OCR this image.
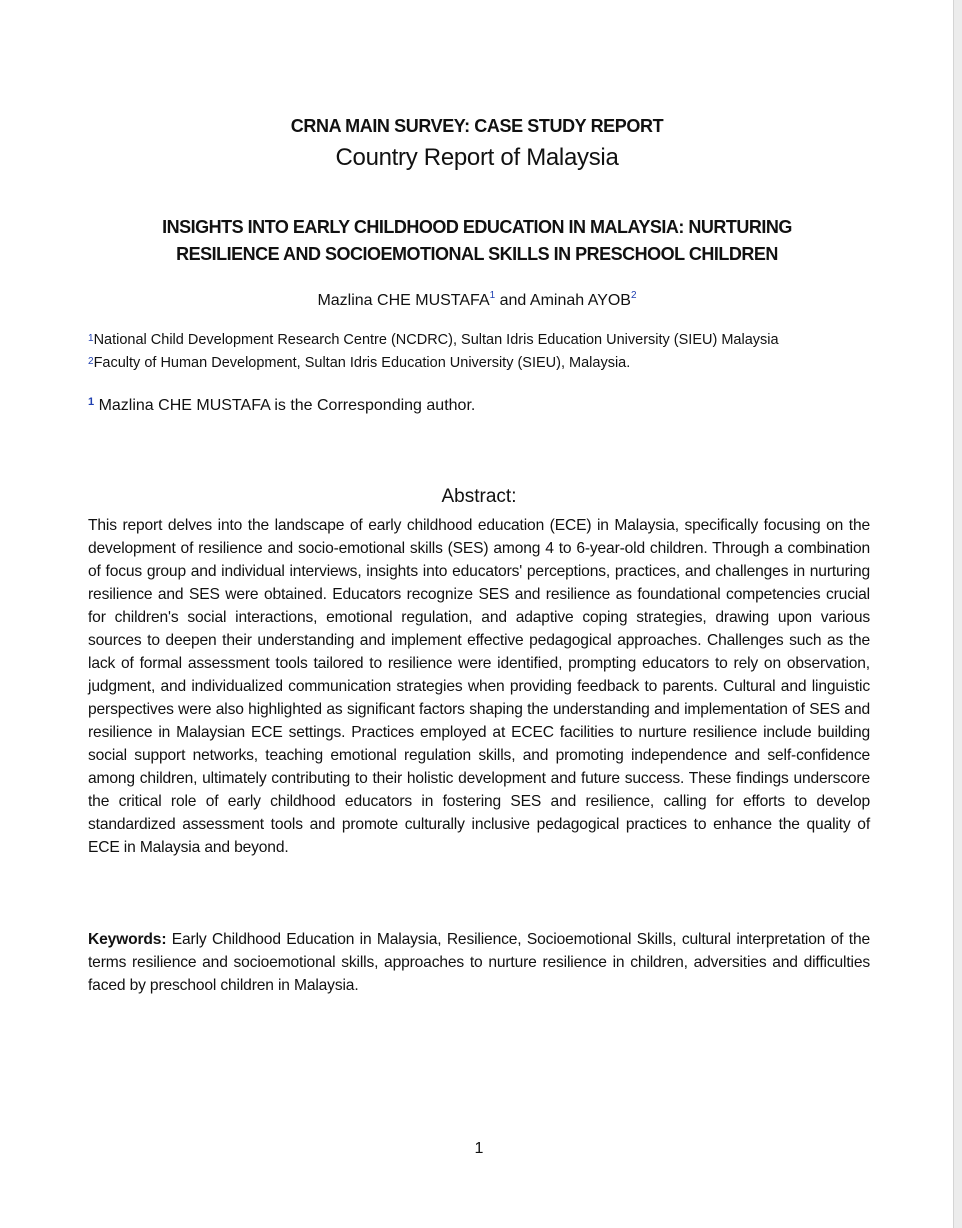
CRNA MAIN SURVEY: CASE STUDY REPORT
Country Report of Malaysia
INSIGHTS INTO EARLY CHILDHOOD EDUCATION IN MALAYSIA: NURTURING
RESILIENCE AND SOCIOEMOTIONAL SKILLS IN PRESCHOOL CHILDREN
Mazlina CHE MUSTAFA$^1$ and Aminah AYOB$^2$
$^1$National Child Development Research Centre (NCDRC), Sultan Idris Education University (SIEU) Malaysia
$^2$Faculty of Human Development, Sultan Idris Education University (SIEU), Malaysia.
$^1$ Mazlina CHE MUSTAFA is the Corresponding author.
Abstract:
This report delves into the landscape of early childhood education (ECE) in Malaysia, specifically focusing on the development of resilience and socio-emotional skills (SES) among 4 to 6-year-old children. Through a combination of focus group and individual interviews, insights into educators' perceptions, practices, and challenges in nurturing resilience and SES were obtained. Educators recognize SES and resilience as foundational competencies crucial for children's social interactions, emotional regulation, and adaptive coping strategies, drawing upon various sources to deepen their understanding and implement effective pedagogical approaches. Challenges such as the lack of formal assessment tools tailored to resilience were identified, prompting educators to rely on observation, judgment, and individualized communication strategies when providing feedback to parents. Cultural and linguistic perspectives were also highlighted as significant factors shaping the understanding and implementation of SES and resilience in Malaysian ECE settings. Practices employed at ECEC facilities to nurture resilience include building social support networks, teaching emotional regulation skills, and promoting independence and self-confidence among children, ultimately contributing to their holistic development and future success. These findings underscore the critical role of early childhood educators in fostering SES and resilience, calling for efforts to develop standardized assessment tools and promote culturally inclusive pedagogical practices to enhance the quality of ECE in Malaysia and beyond.
Keywords: Early Childhood Education in Malaysia, Resilience, Socioemotional Skills, cultural interpretation of the terms resilience and socioemotional skills, approaches to nurture resilience in children, adversities and difficulties faced by preschool children in Malaysia.
1
